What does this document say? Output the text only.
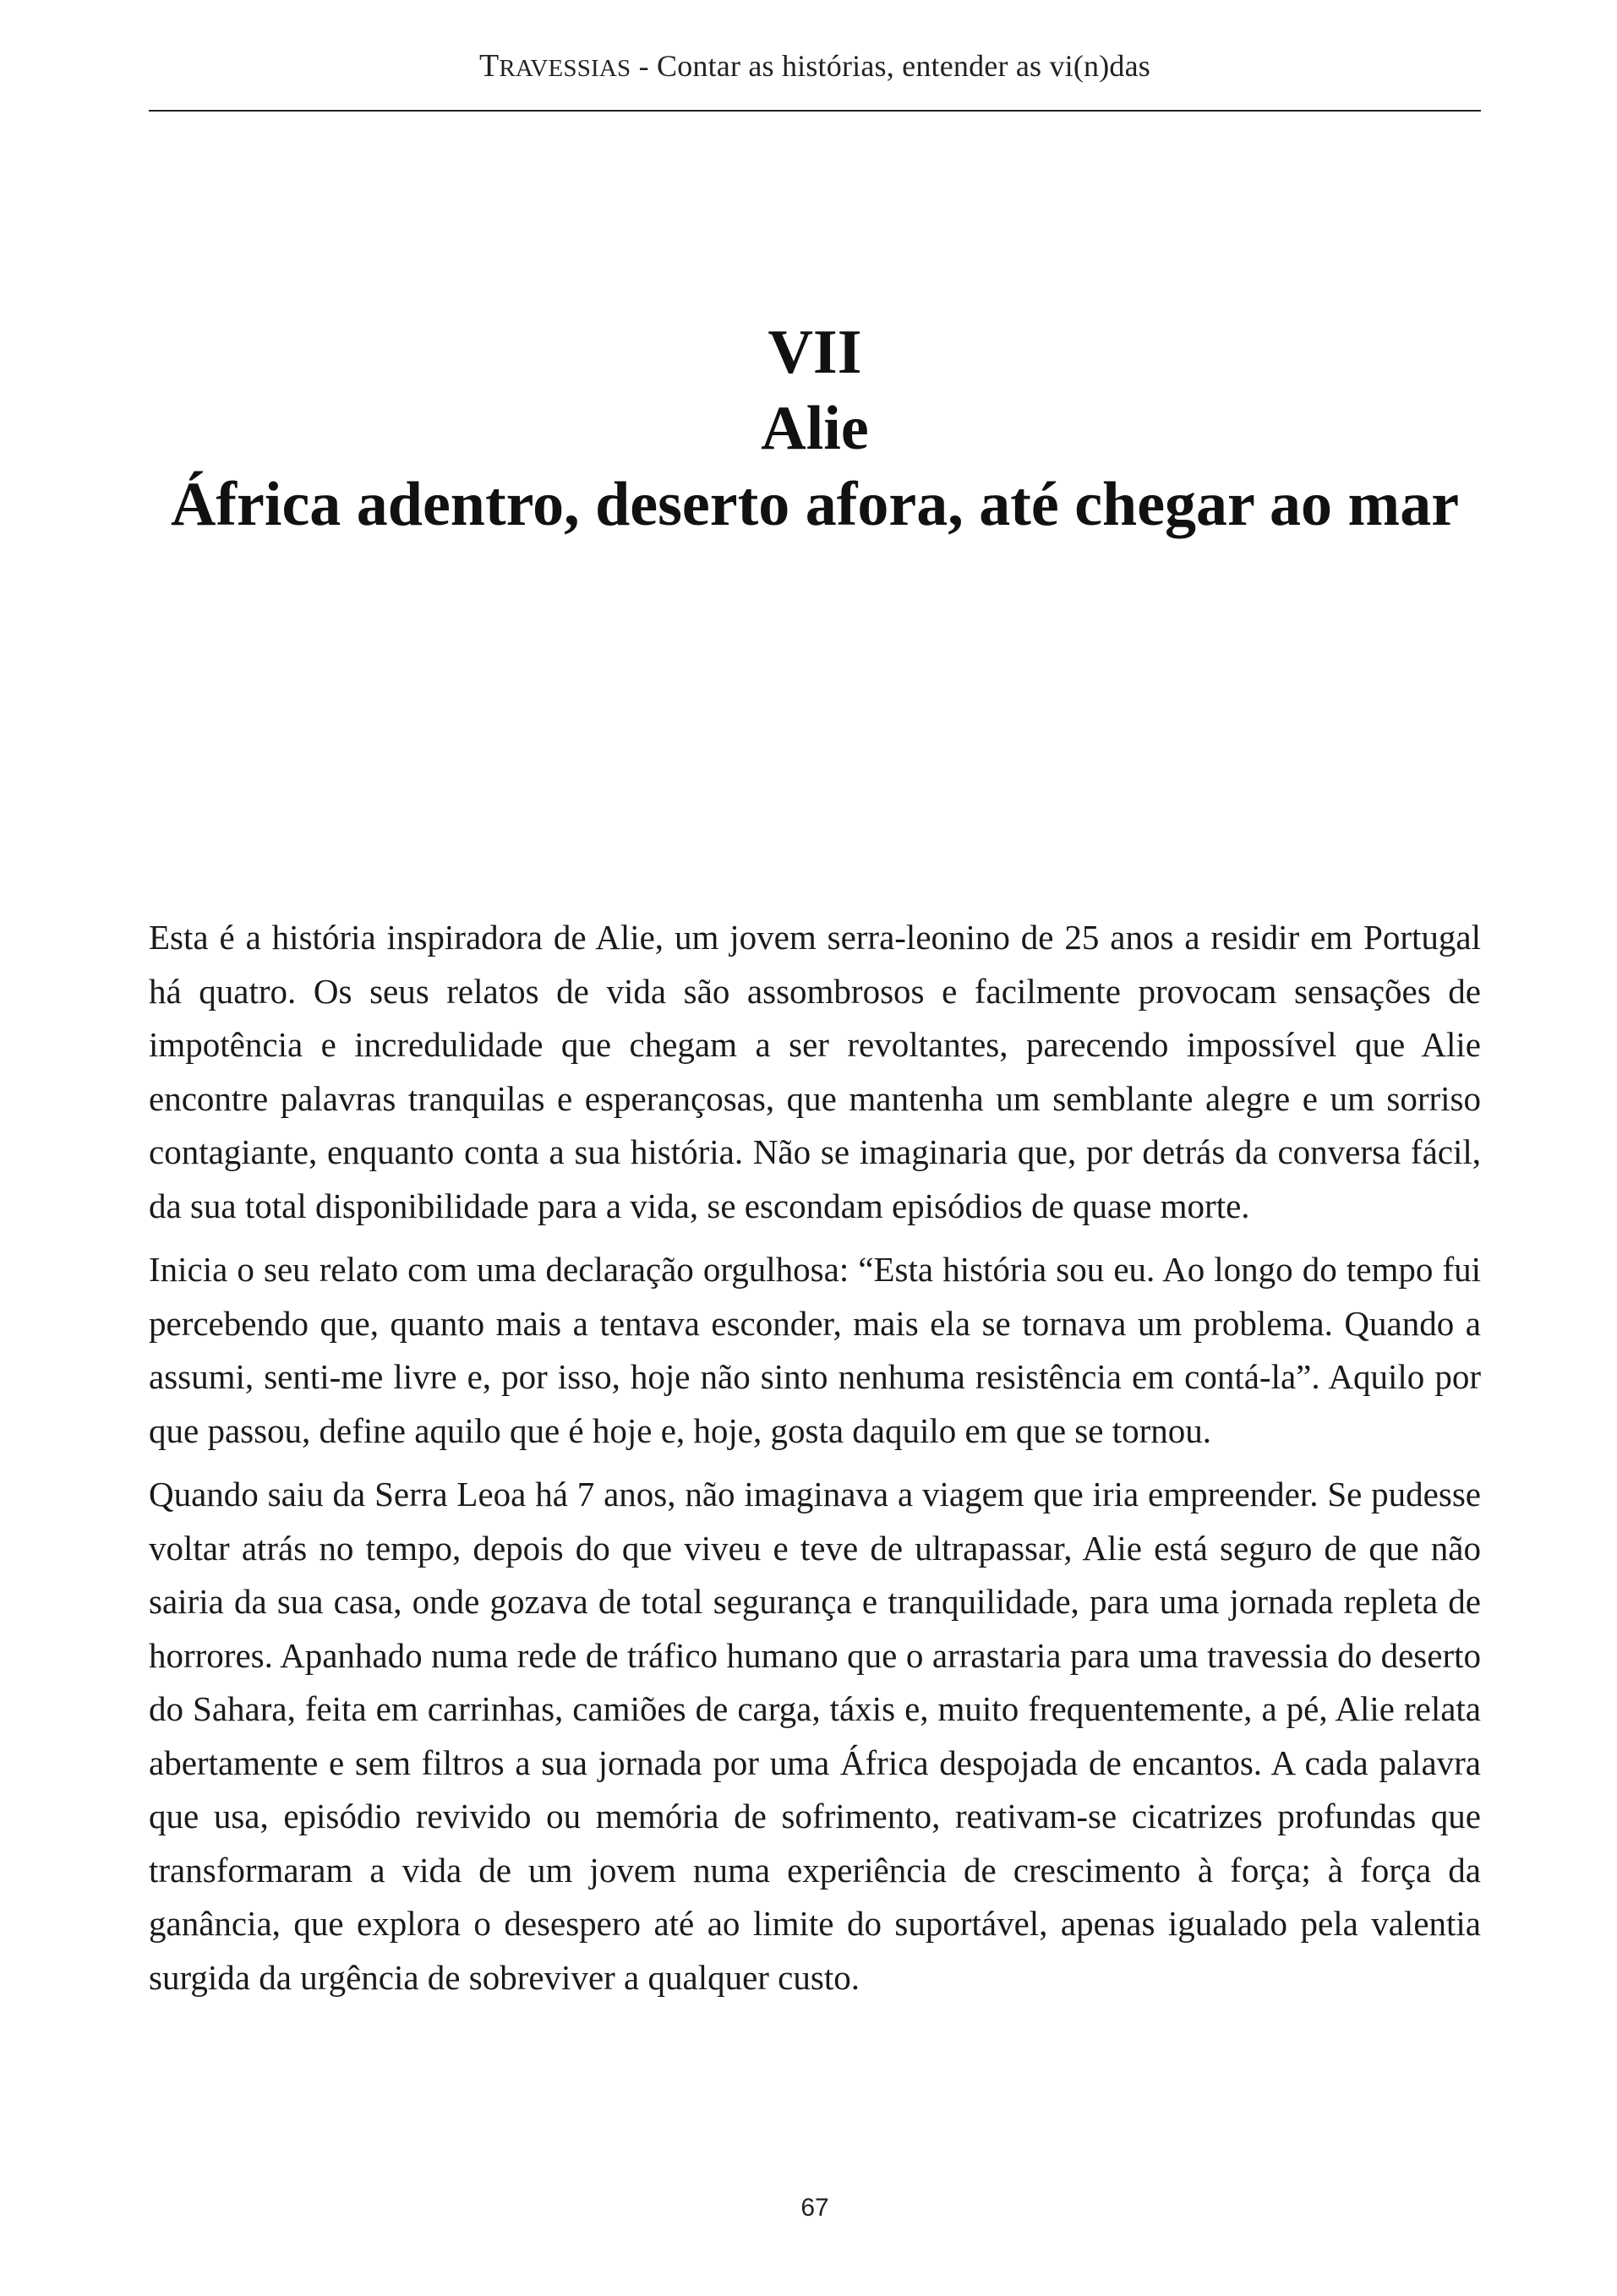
TRAVESSIAS - Contar as histórias, entender as vi(n)das
VII
Alie
África adentro, deserto afora, até chegar ao mar

Esta é a história inspiradora de Alie, um jovem serra-leonino de 25 anos a residir em Portugal há quatro. Os seus relatos de vida são assombrosos e facilmente provocam sensações de impotência e incredulidade que chegam a ser revoltantes, parecendo impossível que Alie encontre palavras tranquilas e esperançosas, que mantenha um semblante alegre e um sorriso contagiante, enquanto conta a sua história. Não se imaginaria que, por detrás da conversa fácil, da sua total disponibilidade para a vida, se escondam episódios de quase morte.

Inicia o seu relato com uma declaração orgulhosa: “Esta história sou eu. Ao longo do tempo fui percebendo que, quanto mais a tentava esconder, mais ela se tornava um problema. Quando a assumi, senti-me livre e, por isso, hoje não sinto nenhuma resistência em contá-la”. Aquilo por que passou, define aquilo que é hoje e, hoje, gosta daquilo em que se tornou.

Quando saiu da Serra Leoa há 7 anos, não imaginava a viagem que iria empreender. Se pudesse voltar atrás no tempo, depois do que viveu e teve de ultrapassar, Alie está seguro de que não sairia da sua casa, onde gozava de total segurança e tranquilidade, para uma jornada repleta de horrores. Apanhado numa rede de tráfico humano que o arrastaria para uma travessia do deserto do Sahara, feita em carrinhas, camiões de carga, táxis e, muito frequentemente, a pé, Alie relata abertamente e sem filtros a sua jornada por uma África despojada de encantos. A cada palavra que usa, episódio revivido ou memória de sofrimento, reativam-se cicatrizes profundas que transformaram a vida de um jovem numa experiência de crescimento à força; à força da ganância, que explora o desespero até ao limite do suportável, apenas igualado pela valentia surgida da urgência de sobreviver a qualquer custo.

67
